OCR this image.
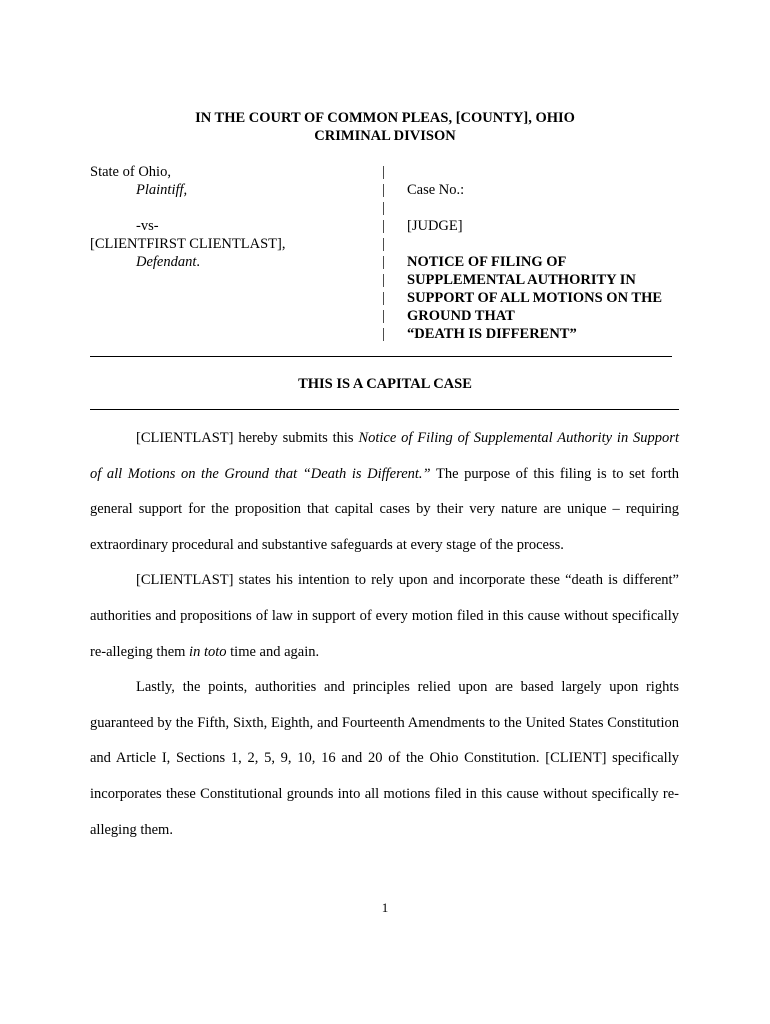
IN THE COURT OF COMMON PLEAS, [COUNTY], OHIO
CRIMINAL DIVISON
State of Ohio,
Plaintiff,
-vs-
[CLIENTFIRST CLIENTLAST],
Defendant.
|
|
|
|
|
|
|
|
|
|
Case No.:
[JUDGE]
NOTICE OF FILING OF
SUPPLEMENTAL AUTHORITY IN
SUPPORT OF ALL MOTIONS ON THE
GROUND THAT
“DEATH IS DIFFERENT”
THIS IS A CAPITAL CASE

[CLIENTLAST] hereby submits this Notice of Filing of Supplemental Authority in Support of all Motions on the Ground that “Death is Different.” The purpose of this filing is to set forth general support for the proposition that capital cases by their very nature are unique – requiring extraordinary procedural and substantive safeguards at every stage of the process.

[CLIENTLAST] states his intention to rely upon and incorporate these “death is different” authorities and propositions of law in support of every motion filed in this cause without specifically re-alleging them in toto time and again.

Lastly, the points, authorities and principles relied upon are based largely upon rights guaranteed by the Fifth, Sixth, Eighth, and Fourteenth Amendments to the United States Constitution and Article I, Sections 1, 2, 5, 9, 10, 16 and 20 of the Ohio Constitution. [CLIENT] specifically incorporates these Constitutional grounds into all motions filed in this cause without specifically re-alleging them.

1
